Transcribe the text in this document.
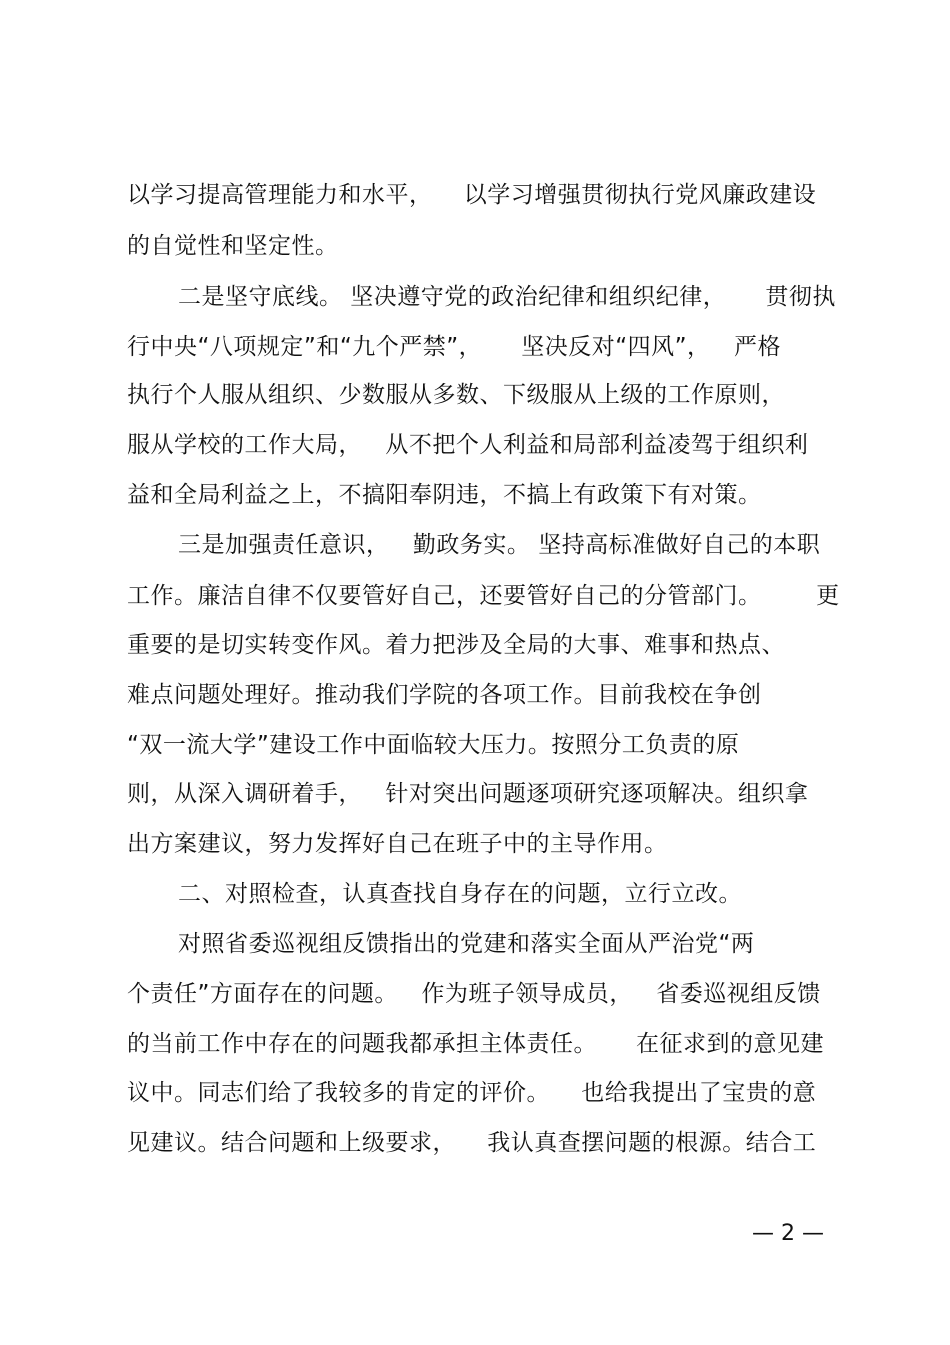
以学习提高管理能力和水平，    以学习增强贯彻执行党风廉政建设
的自觉性和坚定性。
二是坚守底线。 坚决遵守党的政治纪律和组织纪律，     贯彻执
行中央“八项规定”和“九个严禁”，     坚决反对“四风”，   严格
执行个人服从组织、少数服从多数、下级服从上级的工作原则，
服从学校的工作大局，   从不把个人利益和局部利益凌驾于组织利
益和全局利益之上，不搞阳奉阴违，不搞上有政策下有对策。
三是加强责任意识，   勤政务实。 坚持高标准做好自己的本职
工作。廉洁自律不仅要管好自己，还要管好自己的分管部门。       更
重要的是切实转变作风。着力把涉及全局的大事、难事和热点、
难点问题处理好。推动我们学院的各项工作。目前我校在争创
“双一流大学”建设工作中面临较大压力。按照分工负责的原
则，从深入调研着手，   针对突出问题逐项研究逐项解决。组织拿
出方案建议，努力发挥好自己在班子中的主导作用。
二、对照检查，认真查找自身存在的问题，立行立改。
对照省委巡视组反馈指出的党建和落实全面从严治党“两
个责任”方面存在的问题。   作为班子领导成员，   省委巡视组反馈
的当前工作中存在的问题我都承担主体责任。     在征求到的意见建
议中。同志们给了我较多的肯定的评价。    也给我提出了宝贵的意
见建议。结合问题和上级要求，    我认真查摆问题的根源。结合工
— 2 —
